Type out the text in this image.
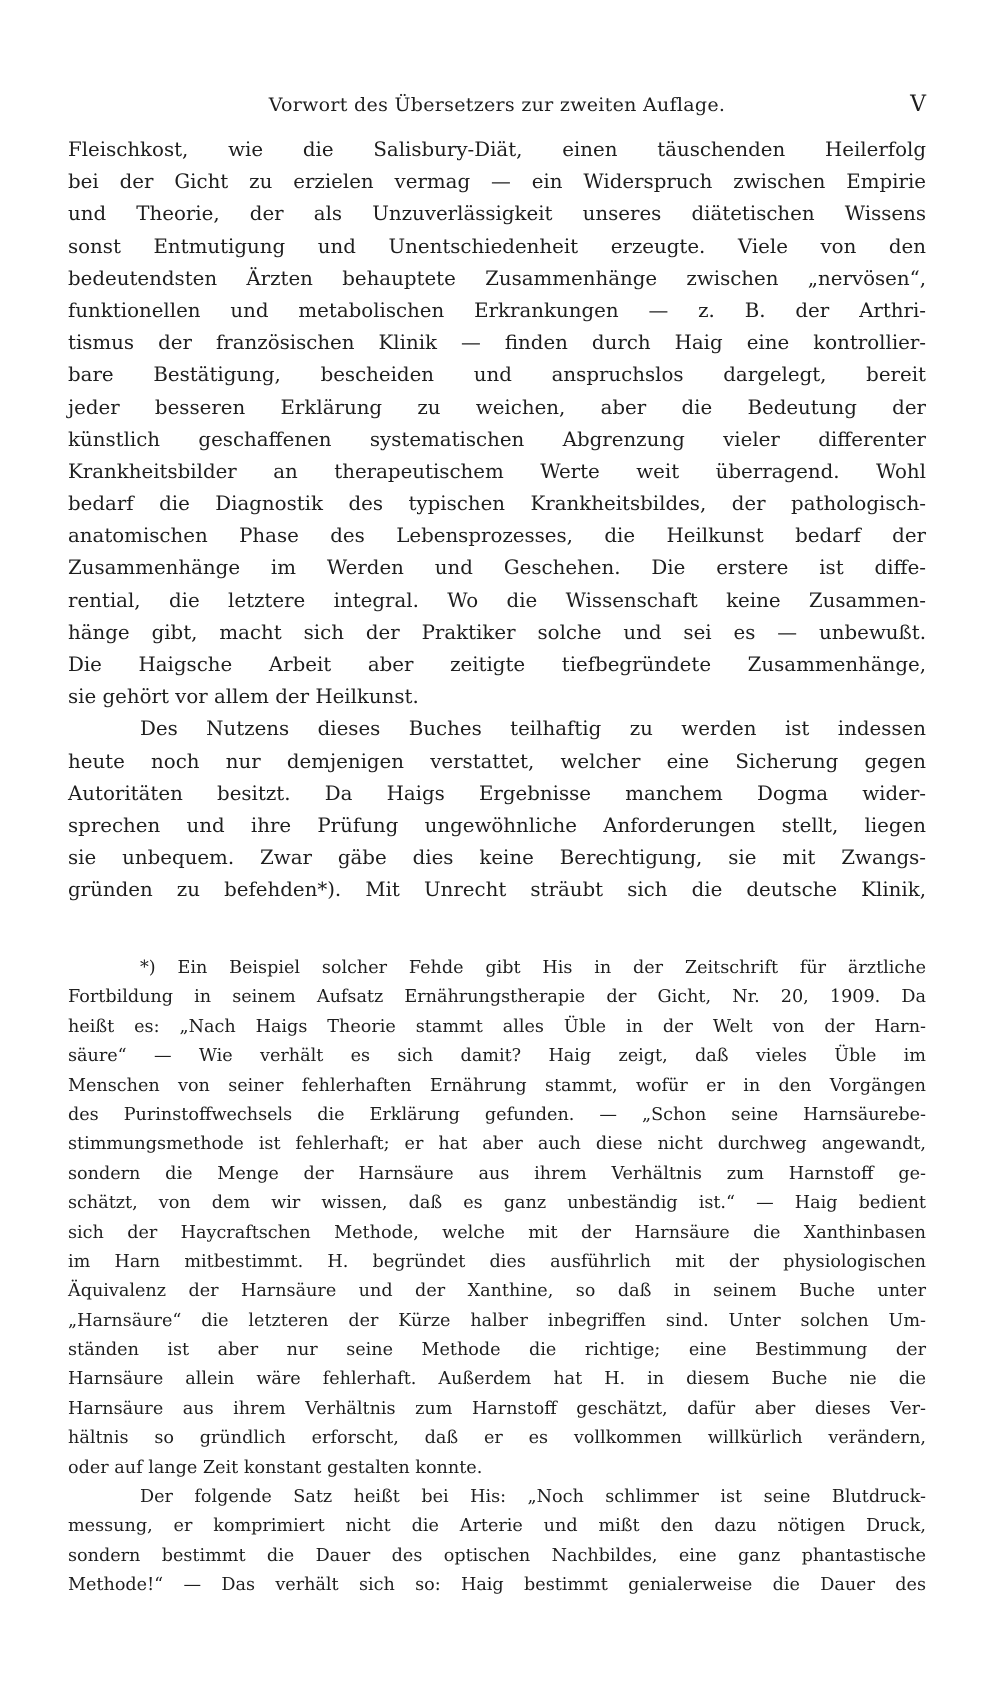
Vorwort des Übersetzers zur zweiten Auflage.	V
Fleischkost, wie die Salisbury-Diät, einen täuschenden Heilerfolg
bei der Gicht zu erzielen vermag — ein Widerspruch zwischen Empirie
und Theorie, der als Unzuverlässigkeit unseres diätetischen Wissens
sonst Entmutigung und Unentschiedenheit erzeugte. Viele von den
bedeutendsten Ärzten behauptete Zusammenhänge zwischen „nervösen“,
funktionellen und metabolischen Erkrankungen — z. B. der Arthri-
tismus der französischen Klinik — finden durch Haig eine kontrollier-
bare Bestätigung, bescheiden und anspruchslos dargelegt, bereit
jeder besseren Erklärung zu weichen, aber die Bedeutung der
künstlich geschaffenen systematischen Abgrenzung vieler differenter
Krankheitsbilder an therapeutischem Werte weit überragend. Wohl
bedarf die Diagnostik des typischen Krankheitsbildes, der pathologisch-
anatomischen Phase des Lebensprozesses, die Heilkunst bedarf der
Zusammenhänge im Werden und Geschehen. Die erstere ist diffe-
rential, die letztere integral. Wo die Wissenschaft keine Zusammen-
hänge gibt, macht sich der Praktiker solche und sei es — unbewußt.
Die Haigsche Arbeit aber zeitigte tiefbegründete Zusammenhänge,
sie gehört vor allem der Heilkunst.
Des Nutzens dieses Buches teilhaftig zu werden ist indessen
heute noch nur demjenigen verstattet, welcher eine Sicherung gegen
Autoritäten besitzt. Da Haigs Ergebnisse manchem Dogma wider-
sprechen und ihre Prüfung ungewöhnliche Anforderungen stellt, liegen
sie unbequem. Zwar gäbe dies keine Berechtigung, sie mit Zwangs-
gründen zu befehden*). Mit Unrecht sträubt sich die deutsche Klinik,
*) Ein Beispiel solcher Fehde gibt His in der Zeitschrift für ärztliche
Fortbildung in seinem Aufsatz Ernährungstherapie der Gicht, Nr. 20, 1909. Da
heißt es: „Nach Haigs Theorie stammt alles Üble in der Welt von der Harn-
säure“ — Wie verhält es sich damit? Haig zeigt, daß vieles Üble im
Menschen von seiner fehlerhaften Ernährung stammt, wofür er in den Vorgängen
des Purinstoffwechsels die Erklärung gefunden. — „Schon seine Harnsäurebe-
stimmungsmethode ist fehlerhaft; er hat aber auch diese nicht durchweg angewandt,
sondern die Menge der Harnsäure aus ihrem Verhältnis zum Harnstoff ge-
schätzt, von dem wir wissen, daß es ganz unbeständig ist.“ — Haig bedient
sich der Haycraftschen Methode, welche mit der Harnsäure die Xanthinbasen
im Harn mitbestimmt. H. begründet dies ausführlich mit der physiologischen
Äquivalenz der Harnsäure und der Xanthine, so daß in seinem Buche unter
„Harnsäure“ die letzteren der Kürze halber inbegriffen sind. Unter solchen Um-
ständen ist aber nur seine Methode die richtige; eine Bestimmung der
Harnsäure allein wäre fehlerhaft. Außerdem hat H. in diesem Buche nie die
Harnsäure aus ihrem Verhältnis zum Harnstoff geschätzt, dafür aber dieses Ver-
hältnis so gründlich erforscht, daß er es vollkommen willkürlich verändern,
oder auf lange Zeit konstant gestalten konnte.
Der folgende Satz heißt bei His: „Noch schlimmer ist seine Blutdruck-
messung, er komprimiert nicht die Arterie und mißt den dazu nötigen Druck,
sondern bestimmt die Dauer des optischen Nachbildes, eine ganz phantastische
Methode!“ — Das verhält sich so: Haig bestimmt genialerweise die Dauer des
